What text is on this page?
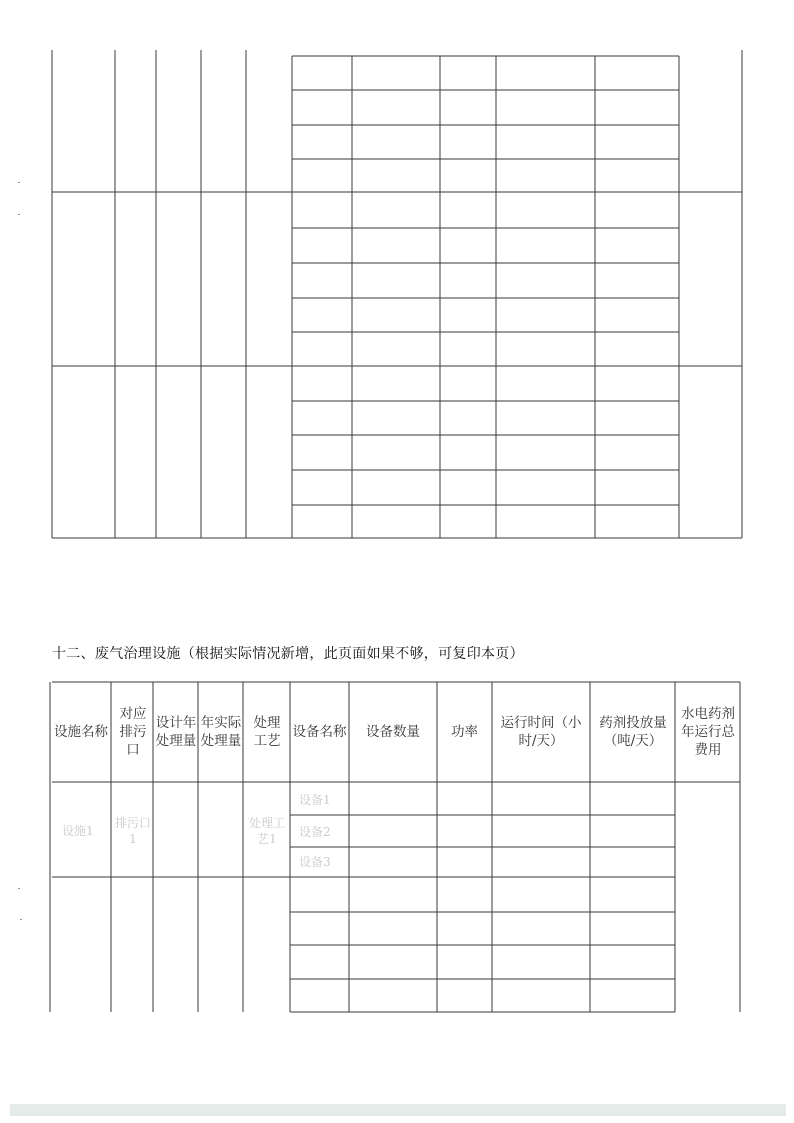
十二、废气治理设施（根据实际情况新增，此页面如果不够，可复印本页）
设施名称
对应排污口
设计年处理量
年实际处理量
处理工艺
设备名称	设备数量	功率
运行时间（小时/天）
药剂投放量（吨/天）
水电药剂年运行总费用
设施1
排污口1
处理工艺1
设备1
设备2
设备3
